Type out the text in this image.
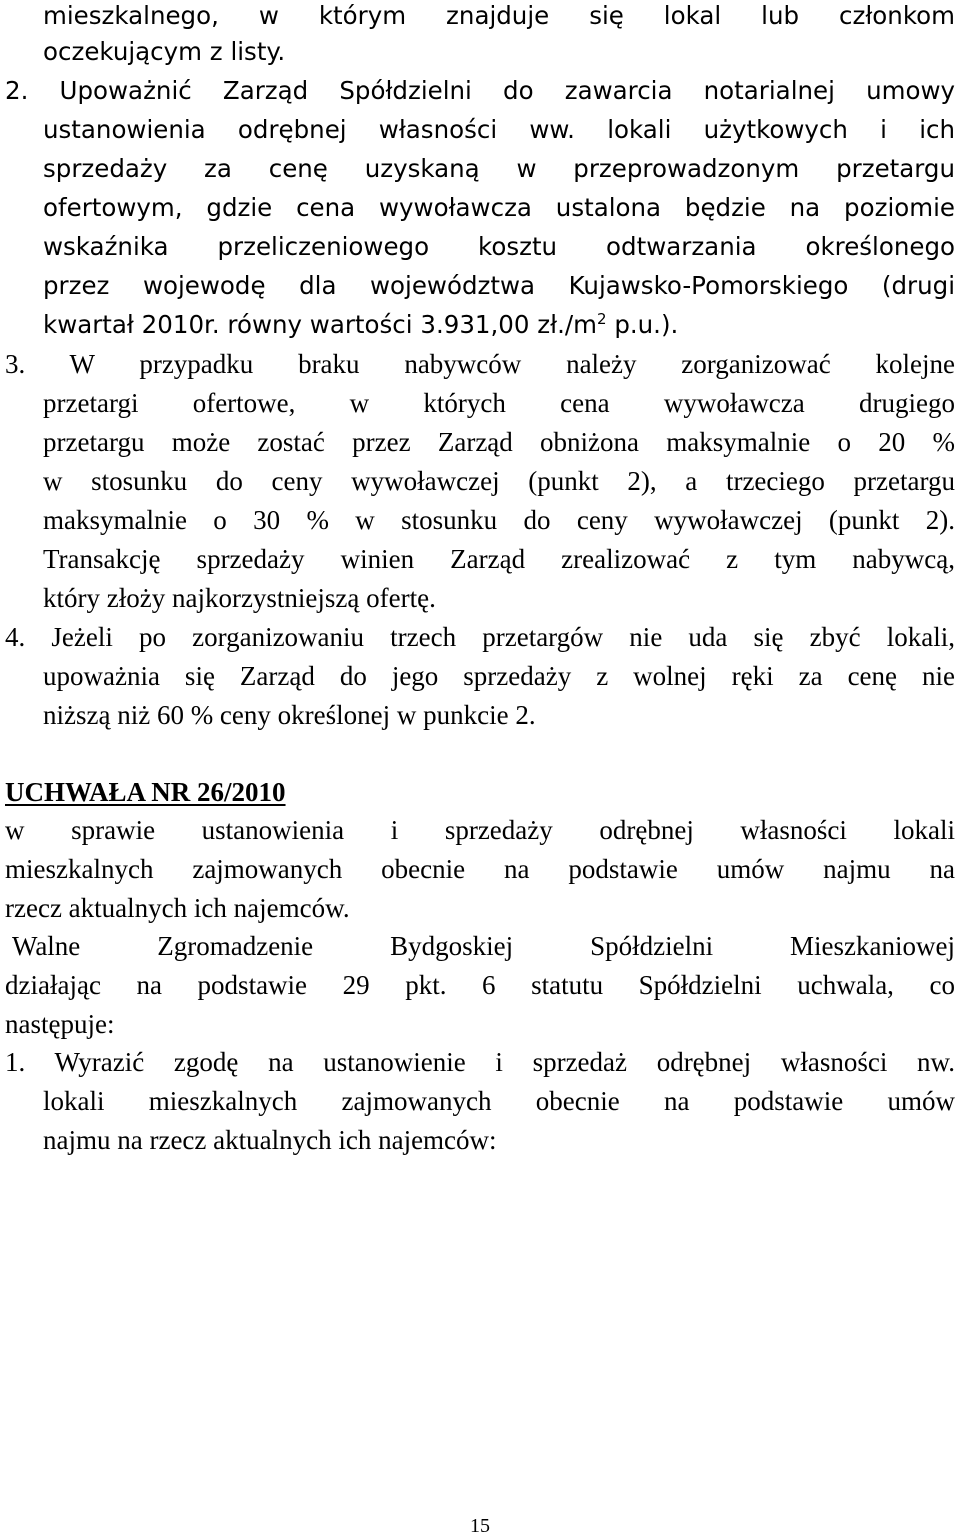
15
mieszkalnego, w którym znajduje się lokal lub członkom
oczekującym z listy.
2. Upoważnić Zarząd Spółdzielni do zawarcia notarialnej umowy
ustanowienia odrębnej własności ww. lokali użytkowych i ich
sprzedaży za cenę uzyskaną w przeprowadzonym przetargu
ofertowym, gdzie cena wywoławcza ustalona będzie na poziomie
wskaźnika przeliczeniowego kosztu odtwarzania określonego
przez wojewodę dla województwa Kujawsko-Pomorskiego (drugi
kwartał 2010r. równy wartości 3.931,00 $zł./m^2$ p.u.).
3. W przypadku braku nabywców należy zorganizować kolejne
przetargi ofertowe, w których cena wywoławcza drugiego
przetargu może zostać przez Zarząd obniżona maksymalnie o 20 %
w stosunku do ceny wywoławczej (punkt 2), a trzeciego przetargu
maksymalnie o 30 % w stosunku do ceny wywoławczej (punkt 2).
Transakcję sprzedaży winien Zarząd zrealizować z tym nabywcą,
który złoży najkorzystniejszą ofertę.
4. Jeżeli po zorganizowaniu trzech przetargów nie uda się zbyć lokali,
upoważnia się Zarząd do jego sprzedaży z wolnej ręki za cenę nie
niższą niż 60 % ceny określonej w punkcie 2.
UCHWAŁA NR 26/2010
w sprawie ustanowienia i sprzedaży odrębnej własności lokali
mieszkalnych zajmowanych obecnie na podstawie umów najmu na
rzecz aktualnych ich najemców.
Walne Zgromadzenie Bydgoskiej Spółdzielni Mieszkaniowej
działając na podstawie 29 pkt. 6 statutu Spółdzielni uchwala, co
następuje:
1. Wyrazić zgodę na ustanowienie i sprzedaż odrębnej własności nw.
lokali mieszkalnych zajmowanych obecnie na podstawie umów
najmu na rzecz aktualnych ich najemców:
